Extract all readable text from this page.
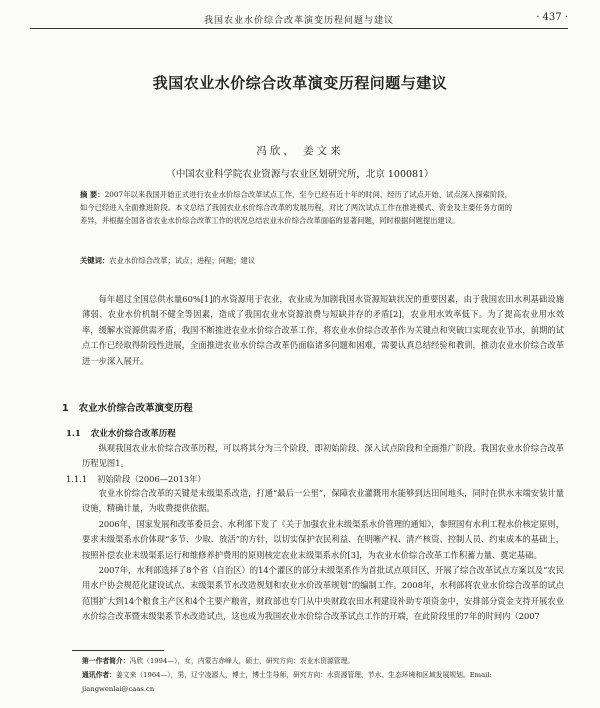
我国农业水价综合改革演变历程问题与建议	· 437 ·
我国农业水价综合改革演变历程问题与建议
冯欣， 姜文来
（中国农业科学院农业资源与农业区划研究所，北京 100081）
摘 要：2007年以来我国开始正式进行农业水价综合改革试点工作，至今已经有近十年的时间，经历了试点开始、试点深入探索阶段，如今已经进入全面推进阶段。本文总结了我国农业水价综合改革的发展历程，对比了两次试点工作在推进模式、资金及主要任务方面的差异，并根据全国各省农业水价综合改革工作的状况总结农业水价综合改革面临的显著问题，同时根据问题提出建议。
关键词：农业水价综合改革；试点；进程；问题；建议
每年超过全国总供水量60%[1]的水资源用于农业，农业成为加剧我国水资源短缺状况的重要因素，由于我国农田水利基础设施薄弱、农业水价机制不健全等因素，造成了我国农业水资源浪费与短缺并存的矛盾[2]，农业用水效率低下。为了提高农业用水效率，缓解水资源供需矛盾，我国不断推进农业水价综合改革工作，将农业水价综合改革作为关键点和突破口实现农业节水，前期的试点工作已经取得阶段性进展，全面推进农业水价综合改革仍面临诸多问题和困难，需要认真总结经验和教训，推动农业水价综合改革进一步深入展开。
1 农业水价综合改革演变历程
1.1 农业水价综合改革历程
纵观我国农业水价综合改革历程，可以将其分为三个阶段，即初始阶段、深入试点阶段和全面推广阶段。我国农业水价综合改革历程见图1。
1.1.1 初始阶段（2006—2013年）
农业水价综合改革的关键是末级渠系改造，打通“最后一公里”，保障农业灌溉用水能够到达田间地头，同时在供水末端安装计量设施，精确计量，为收费提供依据。
2006年，国家发展和改革委员会、水利部下发了《关于加强农业末级渠系水价管理的通知》，参照国有水利工程水价核定原则，要求末级渠系水价体现“多节、少取、放活”的方针，以切实保护农民利益、在明晰产权、清产核资、控制人员、约束成本的基础上，按照补偿农业末级渠系运行和维修养护费用的原则核定农业末级渠系水价[3]，为农业水价综合改革工作积蓄力量、奠定基础。
2007年，水利部选择了8个省（自治区）的14个灌区的部分末级渠系作为首批试点项目区，开展了综合改革试点方案以及“农民用水户协会规范化建设试点、末级渠系节水改造规划和农业水价改革规划”的编制工作。2008年，水利部将农业水价综合改革的试点范围扩大到14个粮食主产区和4个主要产粮省，财政部也专门从中央财政农田水利建设补助专项资金中，安排部分资金支持开展农业水价综合改革暨末级渠系节水改造试点，这也成为我国农业水价综合改革试点工作的开端，在此阶段里的7年的时间内（2007
第一作者简介：冯欣（1994—），女，内蒙古赤峰人，硕士，研究方向：农业水资源管理。
通讯作者：姜文来（1964—），男，辽宁凌源人，博士，博士生导师，研究方向：水资源管理、节水、生态环境和区域发展规划。Email: jiangwenlai@caas.cn
